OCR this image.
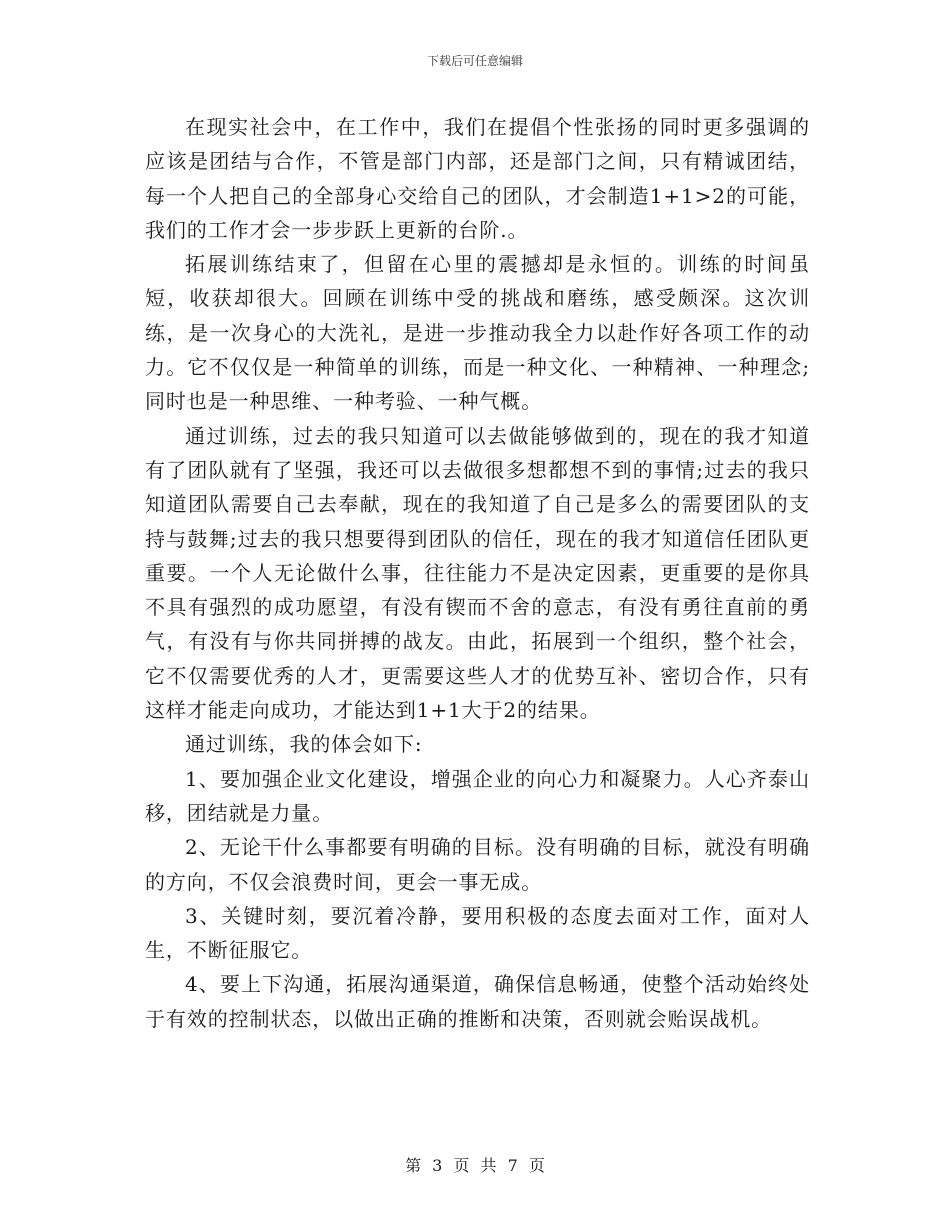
下载后可任意编辑

在现实社会中，在工作中，我们在提倡个性张扬的同时更多强调的应该是团结与合作，不管是部门内部，还是部门之间，只有精诚团结，每一个人把自己的全部身心交给自己的团队，才会制造1+1>2的可能，我们的工作才会一步步跃上更新的台阶.。

拓展训练结束了，但留在心里的震撼却是永恒的。训练的时间虽短，收获却很大。回顾在训练中受的挑战和磨练，感受颇深。这次训练，是一次身心的大洗礼，是进一步推动我全力以赴作好各项工作的动力。它不仅仅是一种简单的训练，而是一种文化、一种精神、一种理念;同时也是一种思维、一种考验、一种气概。

通过训练，过去的我只知道可以去做能够做到的，现在的我才知道有了团队就有了坚强，我还可以去做很多想都想不到的事情;过去的我只知道团队需要自己去奉献，现在的我知道了自己是多么的需要团队的支持与鼓舞;过去的我只想要得到团队的信任，现在的我才知道信任团队更重要。一个人无论做什么事，往往能力不是决定因素，更重要的是你具不具有强烈的成功愿望，有没有锲而不舍的意志，有没有勇往直前的勇气，有没有与你共同拼搏的战友。由此，拓展到一个组织，整个社会，它不仅需要优秀的人才，更需要这些人才的优势互补、密切合作，只有这样才能走向成功，才能达到1+1大于2的结果。

通过训练，我的体会如下:

1、要加强企业文化建设，增强企业的向心力和凝聚力。人心齐泰山移，团结就是力量。

2、无论干什么事都要有明确的目标。没有明确的目标，就没有明确的方向，不仅会浪费时间，更会一事无成。

3、关键时刻，要沉着冷静，要用积极的态度去面对工作，面对人生，不断征服它。

4、要上下沟通，拓展沟通渠道，确保信息畅通，使整个活动始终处于有效的控制状态，以做出正确的推断和决策，否则就会贻误战机。

第 3 页 共 7 页
